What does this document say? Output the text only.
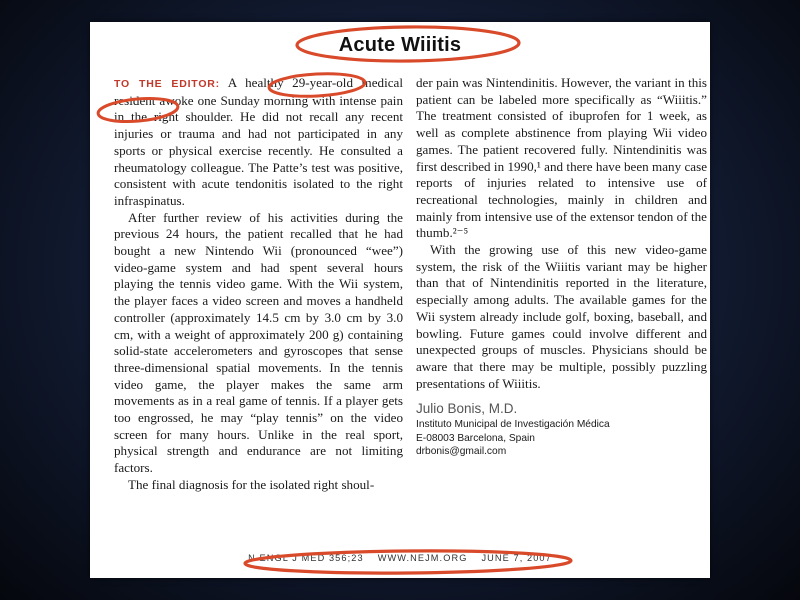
Acute Wiiitis

TO THE EDITOR: A healthy 29-year-old medical resident awoke one Sunday morning with intense pain in the right shoulder. He did not recall any recent injuries or trauma and had not participated in any sports or physical exercise recently. He consulted a rheumatology colleague. The Patte’s test was positive, consistent with acute tendonitis isolated to the right infraspinatus.

After further review of his activities during the previous 24 hours, the patient recalled that he had bought a new Nintendo Wii (pronounced “wee”) video-game system and had spent several hours playing the tennis video game. With the Wii system, the player faces a video screen and moves a handheld controller (approximately 14.5 cm by 3.0 cm by 3.0 cm, with a weight of approximately 200 g) containing solid-state accelerometers and gyroscopes that sense three-dimensional spatial movements. In the tennis video game, the player makes the same arm movements as in a real game of tennis. If a player gets too engrossed, he may “play tennis” on the video screen for many hours. Unlike in the real sport, physical strength and endurance are not limiting factors.

The final diagnosis for the isolated right shoul-

der pain was Nintendinitis. However, the variant in this patient can be labeled more specifically as “Wiiitis.” The treatment consisted of ibuprofen for 1 week, as well as complete abstinence from playing Wii video games. The patient recovered fully. Nintendinitis was first described in 1990,¹ and there have been many case reports of injuries related to intensive use of recreational technologies, mainly in children and mainly from intensive use of the extensor tendon of the thumb.²⁻⁵

With the growing use of this new video-game system, the risk of the Wiiitis variant may be higher than that of Nintendinitis reported in the literature, especially among adults. The available games for the Wii system already include golf, boxing, baseball, and bowling. Future games could involve different and unexpected groups of muscles. Physicians should be aware that there may be multiple, possibly puzzling presentations of Wiiitis.

Julio Bonis, M.D.
Instituto Municipal de Investigación Médica
E-08003 Barcelona, Spain
drbonis@gmail.com
N ENGL J MED 356;23 WWW.NEJM.ORG JUNE 7, 2007
